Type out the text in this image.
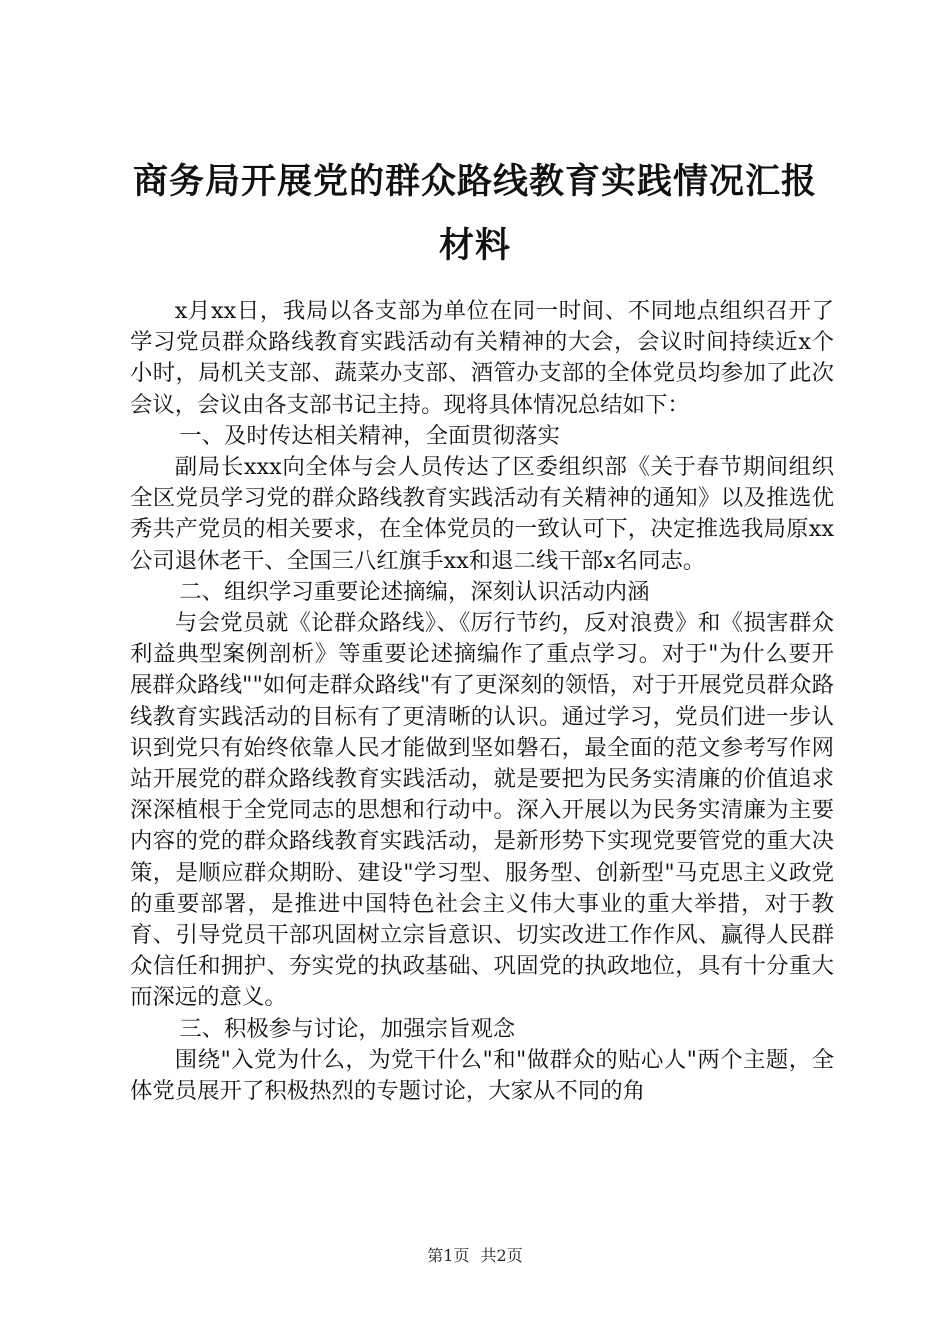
商务局开展党的群众路线教育实践情况汇报材料

x月xx日，我局以各支部为单位在同一时间、不同地点组织召开了学习党员群众路线教育实践活动有关精神的大会，会议时间持续近x个小时，局机关支部、蔬菜办支部、酒管办支部的全体党员均参加了此次会议，会议由各支部书记主持。现将具体情况总结如下：

一、及时传达相关精神，全面贯彻落实

副局长xxx向全体与会人员传达了区委组织部《关于春节期间组织全区党员学习党的群众路线教育实践活动有关精神的通知》以及推选优秀共产党员的相关要求，在全体党员的一致认可下，决定推选我局原xx公司退休老干、全国三八红旗手xx和退二线干部x名同志。

二、组织学习重要论述摘编，深刻认识活动内涵

与会党员就《论群众路线》、《厉行节约，反对浪费》和《损害群众利益典型案例剖析》等重要论述摘编作了重点学习。对于"为什么要开展群众路线""如何走群众路线"有了更深刻的领悟，对于开展党员群众路线教育实践活动的目标有了更清晰的认识。通过学习，党员们进一步认识到党只有始终依靠人民才能做到坚如磐石，最全面的范文参考写作网站开展党的群众路线教育实践活动，就是要把为民务实清廉的价值追求深深植根于全党同志的思想和行动中。深入开展以为民务实清廉为主要内容的党的群众路线教育实践活动，是新形势下实现党要管党的重大决策，是顺应群众期盼、建设"学习型、服务型、创新型"马克思主义政党的重要部署，是推进中国特色社会主义伟大事业的重大举措，对于教育、引导党员干部巩固树立宗旨意识、切实改进工作作风、赢得人民群众信任和拥护、夯实党的执政基础、巩固党的执政地位，具有十分重大而深远的意义。

三、积极参与讨论，加强宗旨观念

围绕"入党为什么，为党干什么"和"做群众的贴心人"两个主题，全体党员展开了积极热烈的专题讨论，大家从不同的角

第1页 共2页
